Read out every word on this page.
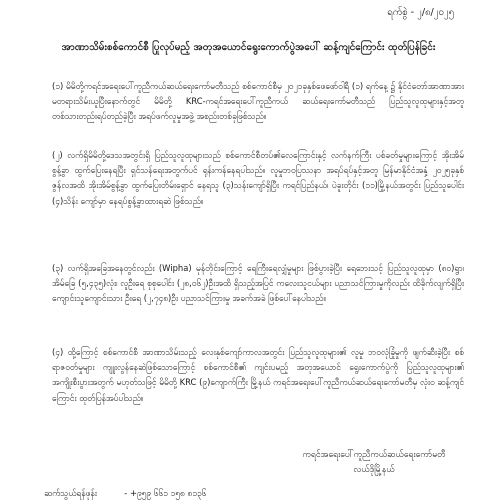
ရက်စွဲ - ၂/၈/၂၀၂၅
အာဏာသိမ်းစစ်ကောင်စီ ပြုလုပ်မည့် အတုအယောင်ရွေးကောက်ပွဲအပေါ် ဆန့်ကျင်ကြောင်း ထုတ်ပြန်ခြင်း

(၁) မိမိတို့ကရင်အရေးပေါ်ကူညီကယ်ဆယ်ရေးကော်မတီသည် စစ်ကောင်စီမှ ၂၀၂၁ခုနှစ်ဖေဖော်ဝါရီ (၁) ရက်နေ့ ၌ နိုင်ငံတော်အာဏာအား မတရားသိမ်းယူပြီးနောက်တွင် မိမိတို့ KRC-ကရင်အရေးပေါ်ကူညီကယ် ဆယ်ရေးကော်မတီသည် ပြည်သူလူထုများနှင့်အတူ တစ်သားတည်းရပ်တည်ခဲ့ပြီး အရပ်ဖက်လူမှုအဖွဲ့ အစည်းတစ်ခုဖြစ်သည်။

(၂) လက်ရှိမိမိတို့ဒေသအတွင်းရှိ ပြည်သူလူထုများသည် စစ်ကောင်စီတပ်၏လေကြောင်းနှင့် လက်နက်ကြီး ပစ်ခတ်မှုများကြောင့် အိုးအိမ်စွန့်ခွာ ထွက်ပြေးနေရပြီး ရှင်သန်ရေးအတွက်ပင် ရုန်းကန်နေရပါသည်။ လူမှုဘဝပြဿနာ အရပ်ရပ်နှင့်အတူ မြန်မာနိုင်ငံအနှံ့ ၂၀၂၅ခုနှစ် ဇွန်လအထိ အိုးအိမ်စွန့်ခွာ ထွက်ပြေးတိမ်းရှောင် နေရသူ (၃)သန်းကျော်ရှိပြီး ကရင်ပြည်နယ်၊ ပဲခူးတိုင်း (၁၁)မြို့နယ်အတွင်း ပြည်သူပေါင်း (၄)သိန်း ကျော်မှာ နေရပ်စွန့်ခွာထားရဆဲ ဖြစ်သည်။

(၃) လက်ရှိအခြေအနေတွင်လည်း (Wipha) မုန်တိုင်းကြောင့် ရေကြီးရေလျှံမှုများ ဖြစ်ပွားခဲ့ပြီး ရေဘေးသင့် ပြည်သူလူထုမှာ (၈၀)ရွာ၊ အိမ်ခြေ (၅,၄၃၅)လုံး၊ လူဦးရေ စုစုပေါင်း (၂၈,၀၆၂)ဦးအထိ ရှိသည့်အပြင် ကလေးသူငယ်များ ပညာသင်ကြားမှုကိုလည်း ထိခိုက်လျက်ရှိပြီး ကျောင်းသူကျောင်းသား ဦးရေ (၂,၇၄၈)ဦး ပညာသင်ကြားမှု အခက်အခဲ ဖြစ်ပေါ်နေပါသည်။

(၄) ထို့ကြောင့် စစ်ကောင်စီ အာဏာသိမ်းသည့် လေးနှစ်ကျော်ကာလအတွင်း ပြည်သူလူထုများ၏ လူမှု ဘဝလုံခြုံမှုကို ဖျက်ဆီးခဲ့ပြီး စစ်ရာဇဝတ်မှုများ ကျူးလွန်နေဆဲဖြစ်သောကြောင့် စစ်ကောင်စီ၏ ကျင်းပမည့် အတုအယောင် ရွေးကောက်ပွဲကို ပြည်သူလူထုများ၏ အကျိုးစီးပွားအတွက် မဟုတ်သဖြင့် မိမိတို့ KRC (၉)ကျောက်ကြီး မြို့နယ် ကရင်အရေးပေါ်ကူညီကယ်ဆယ်ရေးကော်မတီမှ လုံးဝ ဆန့်ကျင်ကြောင်း ထုတ်ပြန်အပ်ပါသည်။

ကရင်အရေးပေါ်ကူညီကယ်ဆယ်ရေးကော်မတီ
လယ်ဒိုမြို့နယ်
ဆက်သွယ်ရန်ဖုန်း	- +၉၅၉ ၆၆၁ ၁၅၈ ၈၁၃၆
